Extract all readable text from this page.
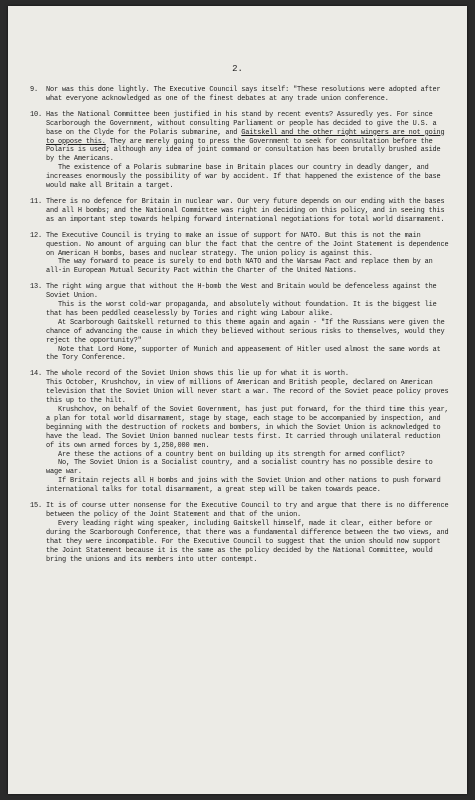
2.
9. Nor was this done lightly. The Executive Council says itself: "These resolutions were adopted after what everyone acknowledged as one of the finest debates at any trade union conference.

10. Has the National Committee been justified in his stand by recent events? Assuredly yes. For since Scarborough the Government, without consulting Parliament or people has decided to give the U.S. a base on the Clyde for the Polaris submarine, and Gaitskell and the other right wingers are not going to oppose this. They are merely going to press the Government to seek for consultation before the Polaris is used; although any idea of joint command or consultation has been brutally brushed aside by the Americans.

The existence of a Polaris submarine base in Britain places our country in deadly danger, and increases enormously the possibility of war by accident. If that happened the existence of the base would make all Britain a target.

11. There is no defence for Britain in nuclear war. Our very future depends on our ending with the bases and all H bombs; and the National Committee was right in deciding on this policy, and in seeing this as an important step towards helping forward international negotiations for total world disarmament.

12. The Executive Council is trying to make an issue of support for NATO. But this is not the main question. No amount of arguing can blur the fact that the centre of the Joint Statement is dependence on American H bombs, bases and nuclear strategy. The union policy is against this.

The way forward to peace is surely to end both NATO and the Warsaw Pact and replace them by an all-in European Mutual Security Pact within the Charter of the United Nations.

13. The right wing argue that without the H-bomb the West and Britain would be defenceless against the Soviet Union.

This is the worst cold-war propaganda, and absolutely without foundation. It is the biggest lie that has been peddled ceaselessly by Tories and right wing Labour alike.

At Scarborough Gaitskell returned to this theme again and again - "If the Russians were given the chance of advancing the cause in which they believed without serious risks to themselves, would they reject the opportunity?"

Note that Lord Home, supporter of Munich and appeasement of Hitler used almost the same words at the Tory Conference.

14. The whole record of the Soviet Union shows this lie up for what it is worth.

This October, Krushchov, in view of millions of American and British people, declared on American television that the Soviet Union will never start a war. The record of the Soviet peace policy proves this up to the hilt.

Krushchov, on behalf of the Soviet Government, has just put forward, for the third time this year, a plan for total world disarmament, stage by stage, each stage to be accompanied by inspection, and beginning with the destruction of rockets and bombers, in which the Soviet Union is acknowledged to have the lead. The Soviet Union banned nuclear tests first. It carried through unilateral reduction of its own armed forces by 1,250,000 men.

Are these the actions of a country bent on building up its strength for armed conflict?

No, The Soviet Union is a Socialist country, and a socialist country has no possible desire to wage war.

If Britain rejects all H bombs and joins with the Soviet Union and other nations to push forward international talks for total disarmament, a great step will be taken towards peace.

15. It is of course utter nonsense for the Executive Council to try and argue that there is no difference between the policy of the Joint Statement and that of the union.

Every leading right wing speaker, including Gaitskell himself, made it clear, either before or during the Scarborough Conference, that there was a fundamental difference between the two views, and that they were incompatible. For the Executive Council to suggest that the union should now support the Joint Statement because it is the same as the policy decided by the National Committee, would bring the unions and its members into utter contempt.
